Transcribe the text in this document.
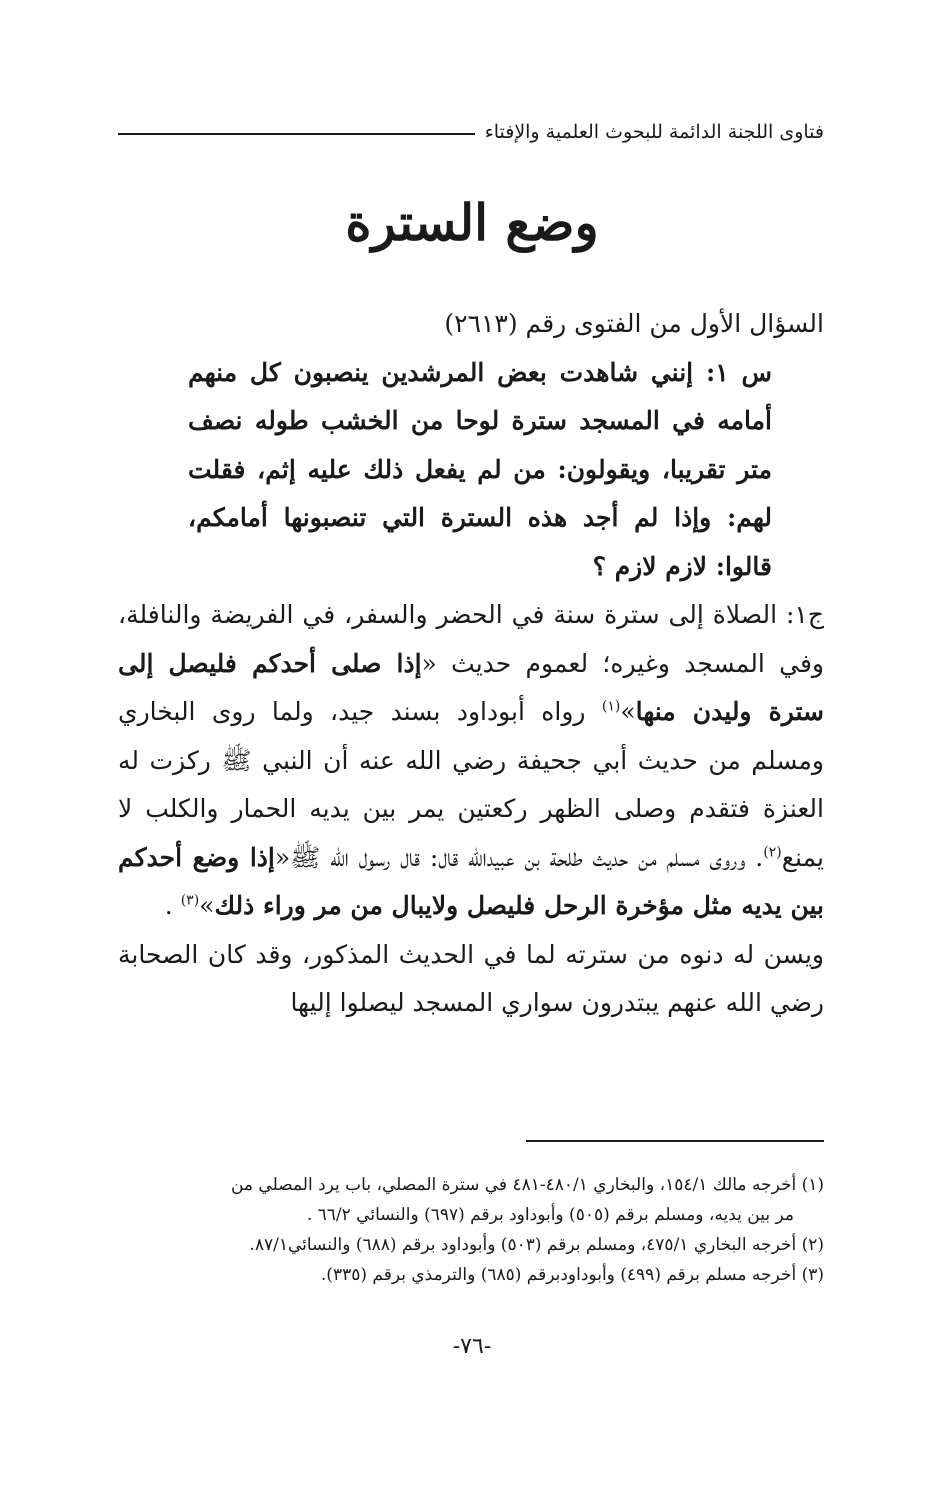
فتاوى اللجنة الدائمة للبحوث العلمية والإفتاء
وضع السترة
السؤال الأول من الفتوى رقم (٢٦١٣)
س ١: إنني شاهدت بعض المرشدين ينصبون كل منهم أمامه في المسجد سترة لوحا من الخشب طوله نصف متر تقريبا، ويقولون: من لم يفعل ذلك عليه إثم، فقلت لهم: وإذا لم أجد هذه السترة التي تنصبونها أمامكم، قالوا: لازم لازم ؟
ج١: الصلاة إلى سترة سنة في الحضر والسفر، في الفريضة والنافلة، وفي المسجد وغيره؛ لعموم حديث «إذا صلى أحدكم فليصل إلى سترة وليدن منها»$^{(١)}$ رواه أبوداود بسند جيد، ولما روى البخاري ومسلم من حديث أبي جحيفة رضي الله عنه أن النبي ﷺ ركزت له العنزة فتقدم وصلى الظهر ركعتين يمر بين يديه الحمار والكلب لا يمنع$^{(٢)}$. وروى مسلم من حديث طلحة بن عبيدالله قال: قال رسول الله ﷺ«إذا وضع أحدكم بين يديه مثل مؤخرة الرحل فليصل ولايبال من مر وراء ذلك»$^{(٣)}$ .
ويسن له دنوه من سترته لما في الحديث المذكور، وقد كان الصحابة رضي الله عنهم يبتدرون سواري المسجد ليصلوا إليها
(١) أخرجه مالك ١٥٤/١، والبخاري ٤٨٠/١-٤٨١ في سترة المصلي، باب يرد المصلي من
مر بين يديه، ومسلم برقم (٥٠٥) وأبوداود برقم (٦٩٧) والنسائي ٦٦/٢ .
(٢) أخرجه البخاري ٤٧٥/١، ومسلم برقم (٥٠٣) وأبوداود برقم (٦٨٨) والنسائي٨٧/١.
(٣) أخرجه مسلم برقم (٤٩٩) وأبوداودبرقم (٦٨٥) والترمذي برقم (٣٣٥).
-٧٦-
